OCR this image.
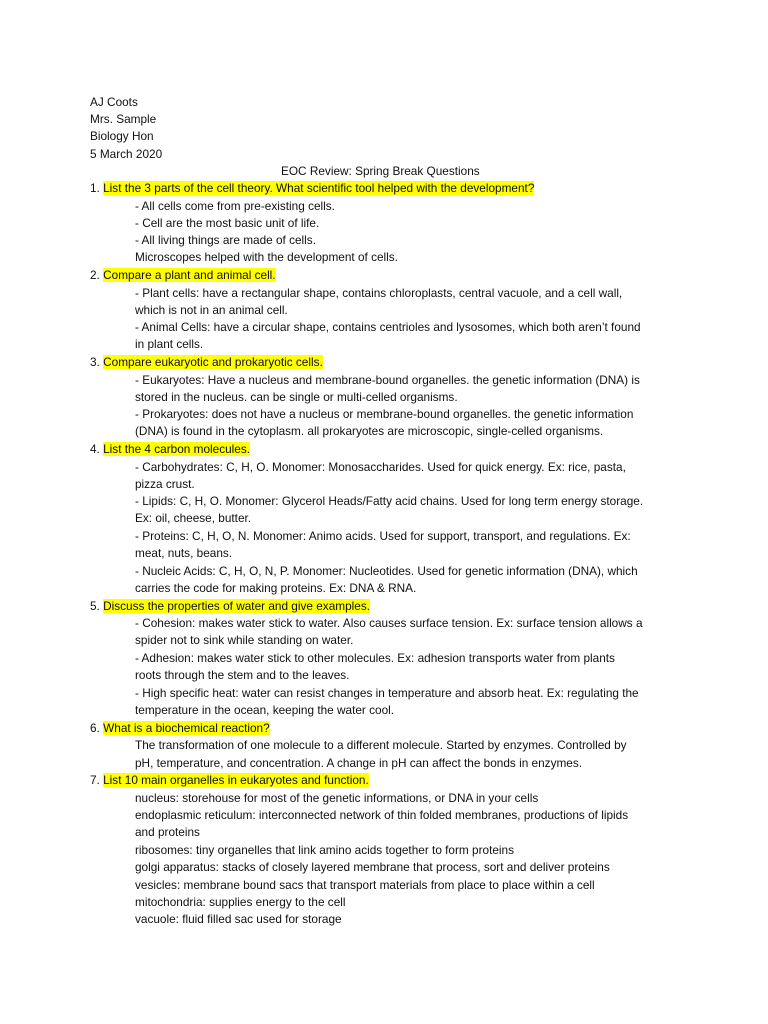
AJ Coots
Mrs. Sample
Biology Hon
5 March 2020
EOC Review: Spring Break Questions
1. List the 3 parts of the cell theory. What scientific tool helped with the development?
- All cells come from pre-existing cells.
- Cell are the most basic unit of life.
- All living things are made of cells.
Microscopes helped with the development of cells.
2. Compare a plant and animal cell.
- Plant cells: have a rectangular shape, contains chloroplasts, central vacuole, and a cell wall,
which is not in an animal cell.
- Animal Cells: have a circular shape, contains centrioles and lysosomes, which both aren’t found
in plant cells.
3. Compare eukaryotic and prokaryotic cells.
- Eukaryotes: Have a nucleus and membrane-bound organelles. the genetic information (DNA) is
stored in the nucleus. can be single or multi-celled organisms.
- Prokaryotes: does not have a nucleus or membrane-bound organelles. the genetic information
(DNA) is found in the cytoplasm. all prokaryotes are microscopic, single-celled organisms.
4. List the 4 carbon molecules.
- Carbohydrates: C, H, O. Monomer: Monosaccharides. Used for quick energy. Ex: rice, pasta,
pizza crust.
- Lipids: C, H, O. Monomer: Glycerol Heads/Fatty acid chains. Used for long term energy storage.
Ex: oil, cheese, butter.
- Proteins: C, H, O, N. Monomer: Animo acids. Used for support, transport, and regulations. Ex:
meat, nuts, beans.
- Nucleic Acids: C, H, O, N, P. Monomer: Nucleotides. Used for genetic information (DNA), which
carries the code for making proteins. Ex: DNA & RNA.
5. Discuss the properties of water and give examples.
- Cohesion: makes water stick to water. Also causes surface tension. Ex: surface tension allows a
spider not to sink while standing on water.
- Adhesion: makes water stick to other molecules. Ex: adhesion transports water from plants
roots through the stem and to the leaves.
- High specific heat: water can resist changes in temperature and absorb heat. Ex: regulating the
temperature in the ocean, keeping the water cool.
6. What is a biochemical reaction?
The transformation of one molecule to a different molecule. Started by enzymes. Controlled by
pH, temperature, and concentration. A change in pH can affect the bonds in enzymes.
7. List 10 main organelles in eukaryotes and function.
nucleus: storehouse for most of the genetic informations, or DNA in your cells
endoplasmic reticulum: interconnected network of thin folded membranes, productions of lipids
and proteins
ribosomes: tiny organelles that link amino acids together to form proteins
golgi apparatus: stacks of closely layered membrane that process, sort and deliver proteins
vesicles: membrane bound sacs that transport materials from place to place within a cell
mitochondria: supplies energy to the cell
vacuole: fluid filled sac used for storage
